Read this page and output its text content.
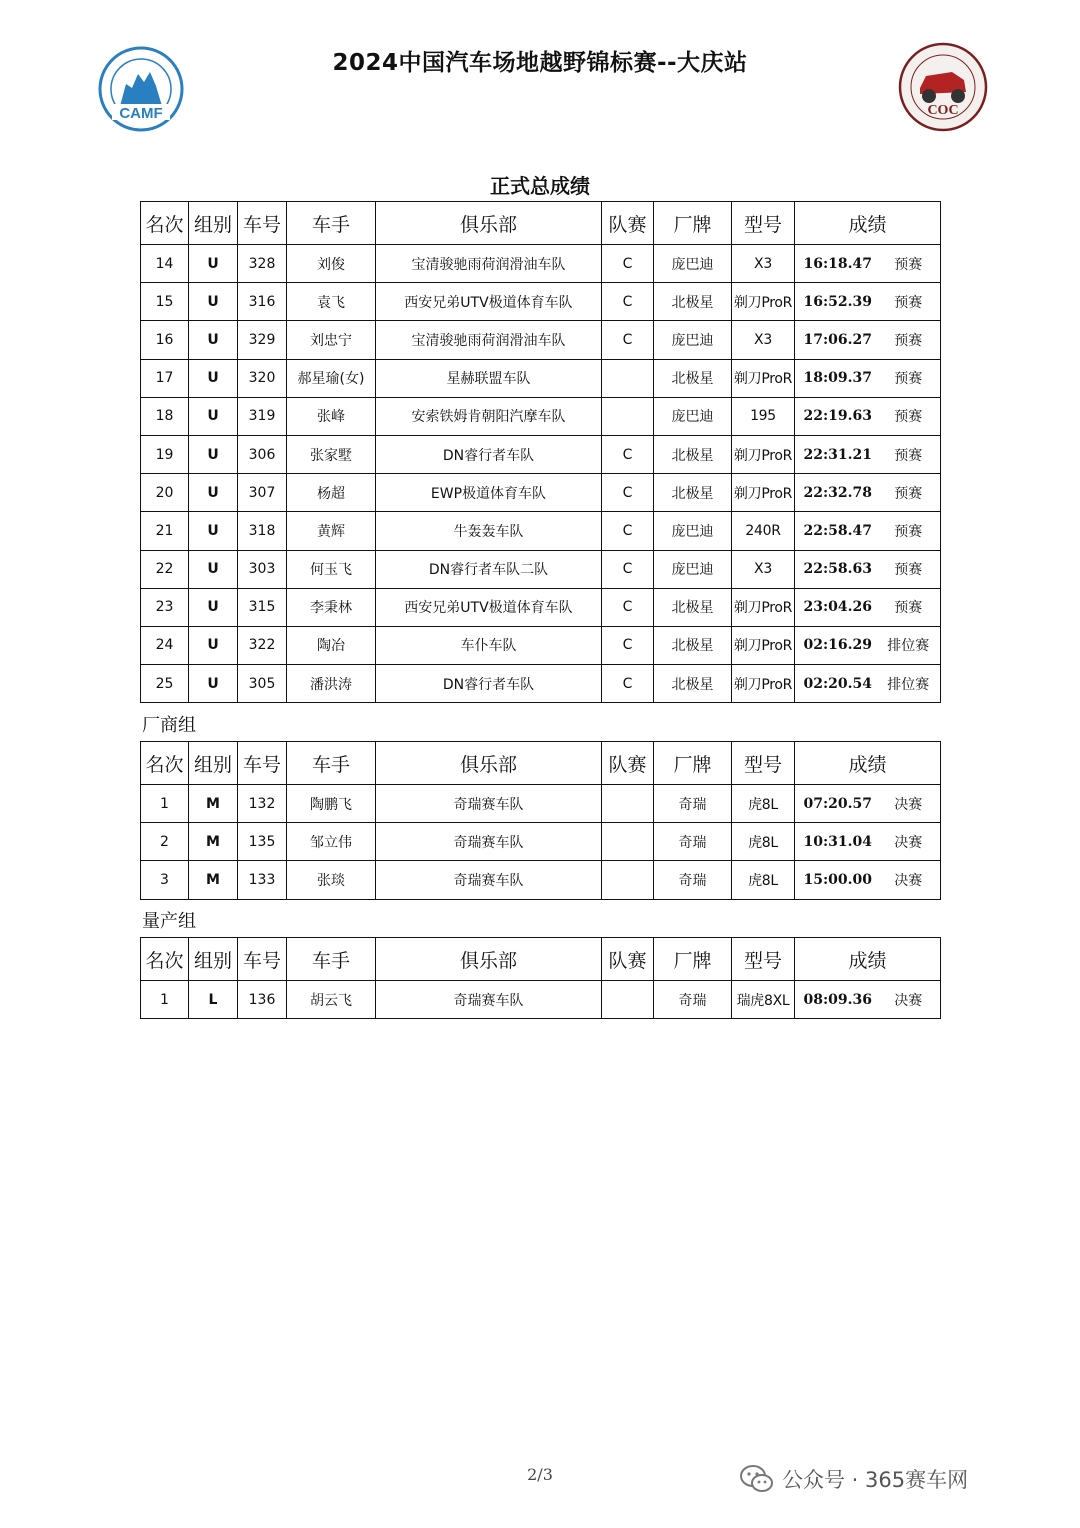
CAMF
2024中国汽车场地越野锦标赛--大庆站
COC
正式总成绩
名次	组别	车号	车手	俱乐部	队赛	厂牌	型号	成绩	
14	U	328	刘俊	宝清骏驰雨荷润滑油车队	C	庞巴迪	X3	16:18.47	预赛
15	U	316	袁飞	西安兄弟UTV极道体育车队	C	北极星	剃刀ProR	16:52.39	预赛
16	U	329	刘忠宁	宝清骏驰雨荷润滑油车队	C	庞巴迪	X3	17:06.27	预赛
17	U	320	郝星瑜(女)	星赫联盟车队		北极星	剃刀ProR	18:09.37	预赛
18	U	319	张峰	安索铁姆肯朝阳汽摩车队		庞巴迪	195	22:19.63	预赛
19	U	306	张家墅	DN睿行者车队	C	北极星	剃刀ProR	22:31.21	预赛
20	U	307	杨超	EWP极道体育车队	C	北极星	剃刀ProR	22:32.78	预赛
21	U	318	黄辉	牛轰轰车队	C	庞巴迪	240R	22:58.47	预赛
22	U	303	何玉飞	DN睿行者车队二队	C	庞巴迪	X3	22:58.63	预赛
23	U	315	李秉林	西安兄弟UTV极道体育车队	C	北极星	剃刀ProR	23:04.26	预赛
24	U	322	陶冶	车仆车队	C	北极星	剃刀ProR	02:16.29	排位赛
25	U	305	潘洪涛	DN睿行者车队	C	北极星	剃刀ProR	02:20.54	排位赛
厂商组
名次	组别	车号	车手	俱乐部	队赛	厂牌	型号	成绩	
1	M	132	陶鹏飞	奇瑞赛车队		奇瑞	虎8L	07:20.57	决赛
2	M	135	邹立伟	奇瑞赛车队		奇瑞	虎8L	10:31.04	决赛
3	M	133	张琰	奇瑞赛车队		奇瑞	虎8L	15:00.00	决赛
量产组
名次	组别	车号	车手	俱乐部	队赛	厂牌	型号	成绩	
1	L	136	胡云飞	奇瑞赛车队		奇瑞	瑞虎8XL	08:09.36	决赛
2/3	公众号 · 365赛车网
